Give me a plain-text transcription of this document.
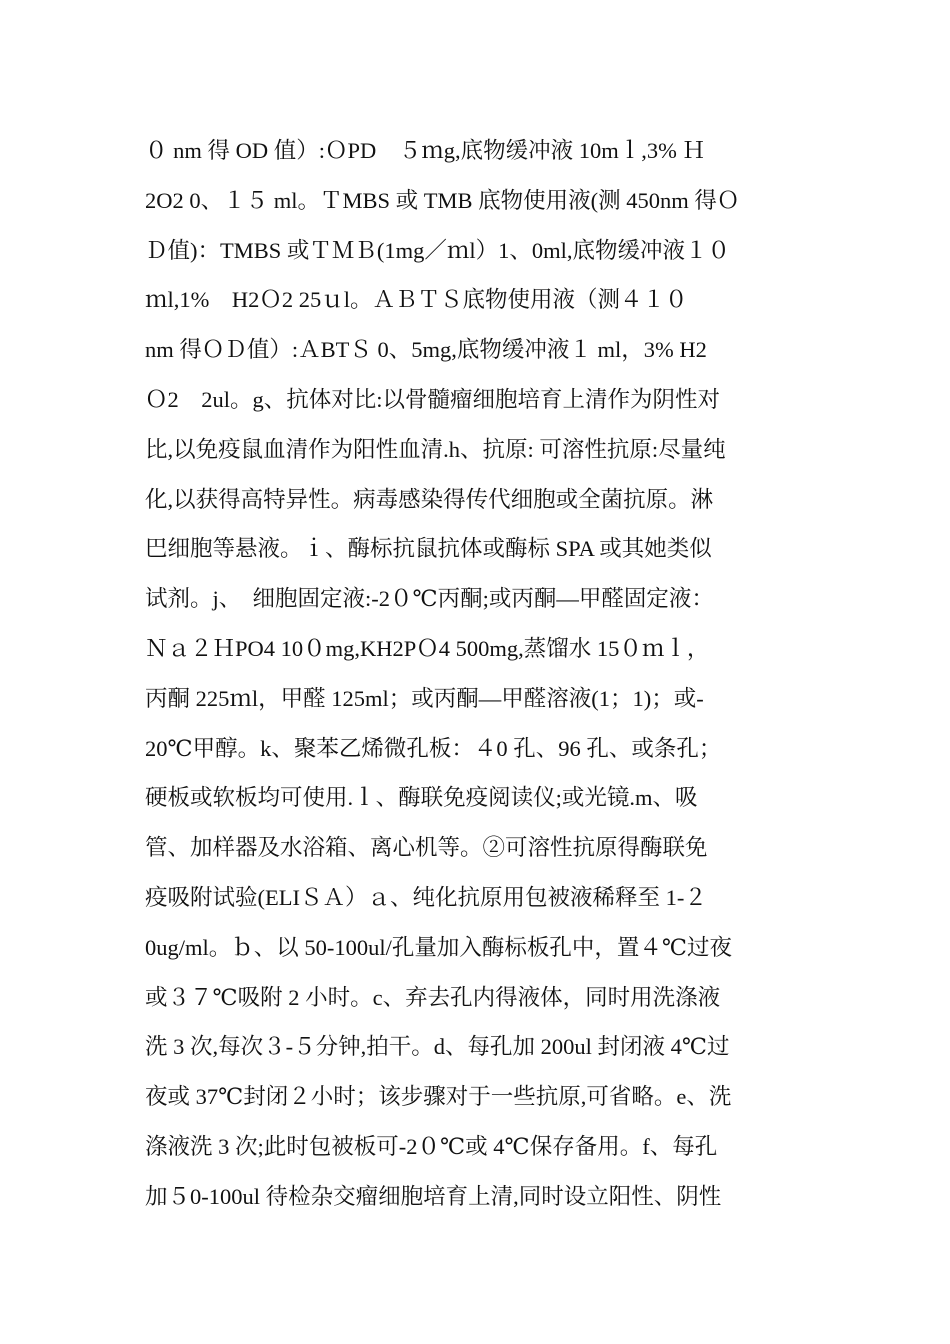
０ nm 得 OD 值）:ＯPD　５ｍg,底物缓冲液 10mｌ,3% Ｈ
2O2 0、１５ ml。ＴMBS 或 TMB 底物使用液(测 450nm 得Ｏ
Ｄ值)：TMBS 或ＴＭＢ(1mg／ｍl）1、0ml,底物缓冲液１０
ｍl,1%　H2Ｏ2 25ｕl。ＡＢＴＳ底物使用液（测４１０
nm 得ＯＤ值）:ＡBTＳ 0、5mg,底物缓冲液１ ml，3% H2
Ｏ2　2ul。g、抗体对比:以骨髓瘤细胞培育上清作为阴性对
比,以免疫鼠血清作为阳性血清.h、抗原: 可溶性抗原:尽量纯
化,以获得高特异性。病毒感染得传代细胞或全菌抗原。淋
巴细胞等悬液。ｉ、酶标抗鼠抗体或酶标 SPA 或其她类似
试剂。j、　细胞固定液:-2０℃丙酮;或丙酮—甲醛固定液：
Ｎａ２ＨPO4 10０mg,KH2PＯ4 500mg,蒸馏水 15０ｍｌ，
丙酮 225ｍl，甲醛 125ml；或丙酮—甲醛溶液(1；1)；或-
20℃甲醇。k、聚苯乙烯微孔板：４0 孔、96 孔、或条孔；
硬板或软板均可使用.ｌ、酶联免疫阅读仪;或光镜.m、吸
管、加样器及水浴箱、离心机等。②可溶性抗原得酶联免
疫吸附试验(ELIＳＡ）ａ、纯化抗原用包被液稀释至 1-２
0ug/ml。ｂ、以 50-100ul/孔量加入酶标板孔中，置４℃过夜
或３７℃吸附 2 小时。c、弃去孔内得液体，同时用洗涤液
洗 3 次,每次３-５分钟,拍干。d、每孔加 200ul 封闭液 4℃过
夜或 37℃封闭２小时；该步骤对于一些抗原,可省略。e、洗
涤液洗 3 次;此时包被板可-2０℃或 4℃保存备用。f、每孔
加５0-100ul 待检杂交瘤细胞培育上清,同时设立阳性、阴性
